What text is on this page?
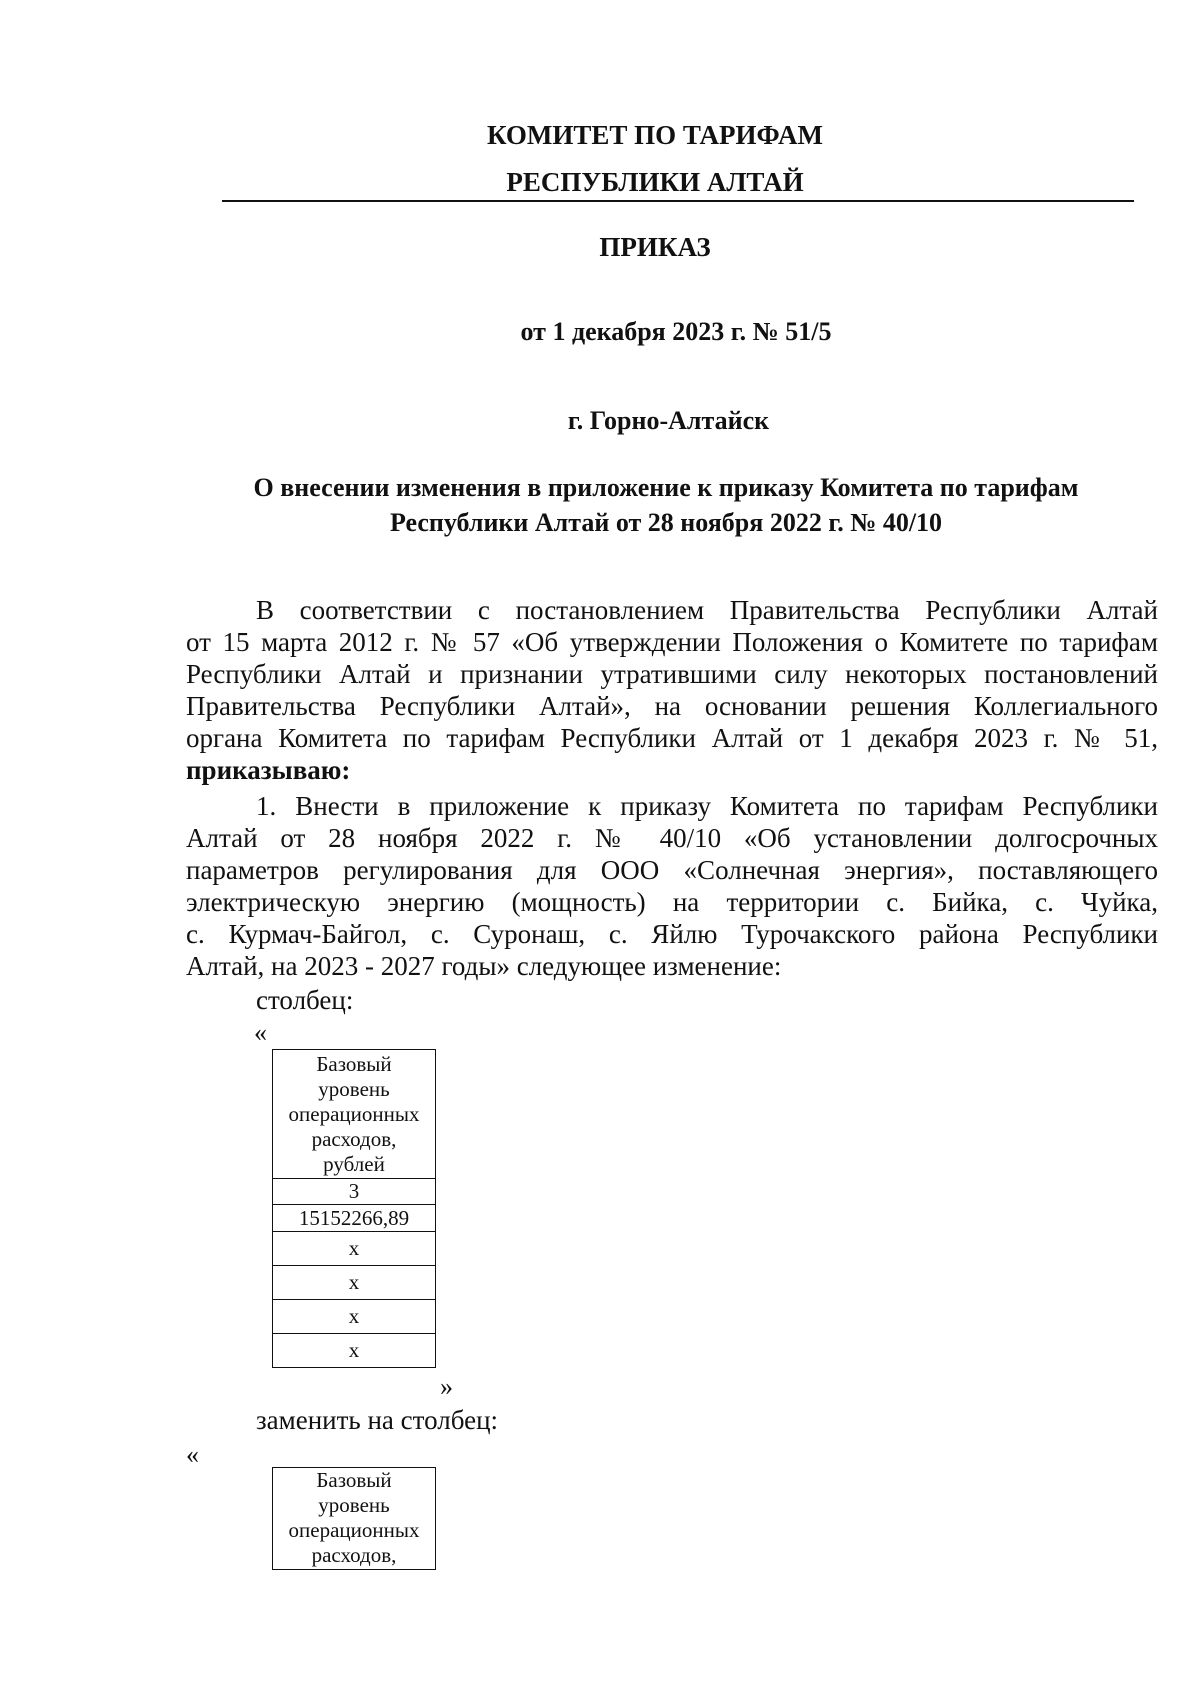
КОМИТЕТ ПО ТАРИФАМ
РЕСПУБЛИКИ АЛТАЙ
ПРИКАЗ
от 1 декабря 2023 г. № 51/5
г. Горно-Алтайск
О внесении изменения в приложение к приказу Комитета по тарифам
Республики Алтай от 28 ноября 2022 г. № 40/10
В соответствии с постановлением Правительства Республики Алтай
от 15 марта 2012 г. № 57 «Об утверждении Положения о Комитете по тарифам
Республики Алтай и признании утратившими силу некоторых постановлений
Правительства Республики Алтай», на основании решения Коллегиального
органа Комитета по тарифам Республики Алтай от 1 декабря 2023 г. № 51,
приказываю:
1. Внести в приложение к приказу Комитета по тарифам Республики
Алтай от 28 ноября 2022 г. № 40/10 «Об установлении долгосрочных
параметров регулирования для ООО «Солнечная энергия», поставляющего
электрическую энергию (мощность) на территории с. Бийка, с. Чуйка,
с. Курмач-Байгол, с. Суронаш, с. Яйлю Турочакского района Республики
Алтай, на 2023 - 2027 годы» следующее изменение:
столбец:
«
Базовый
уровень
операционных
расходов,
рублей

3
15152266,89
х
х
х
х
»
заменить на столбец:
«
Базовый
уровень
операционных
расходов,
